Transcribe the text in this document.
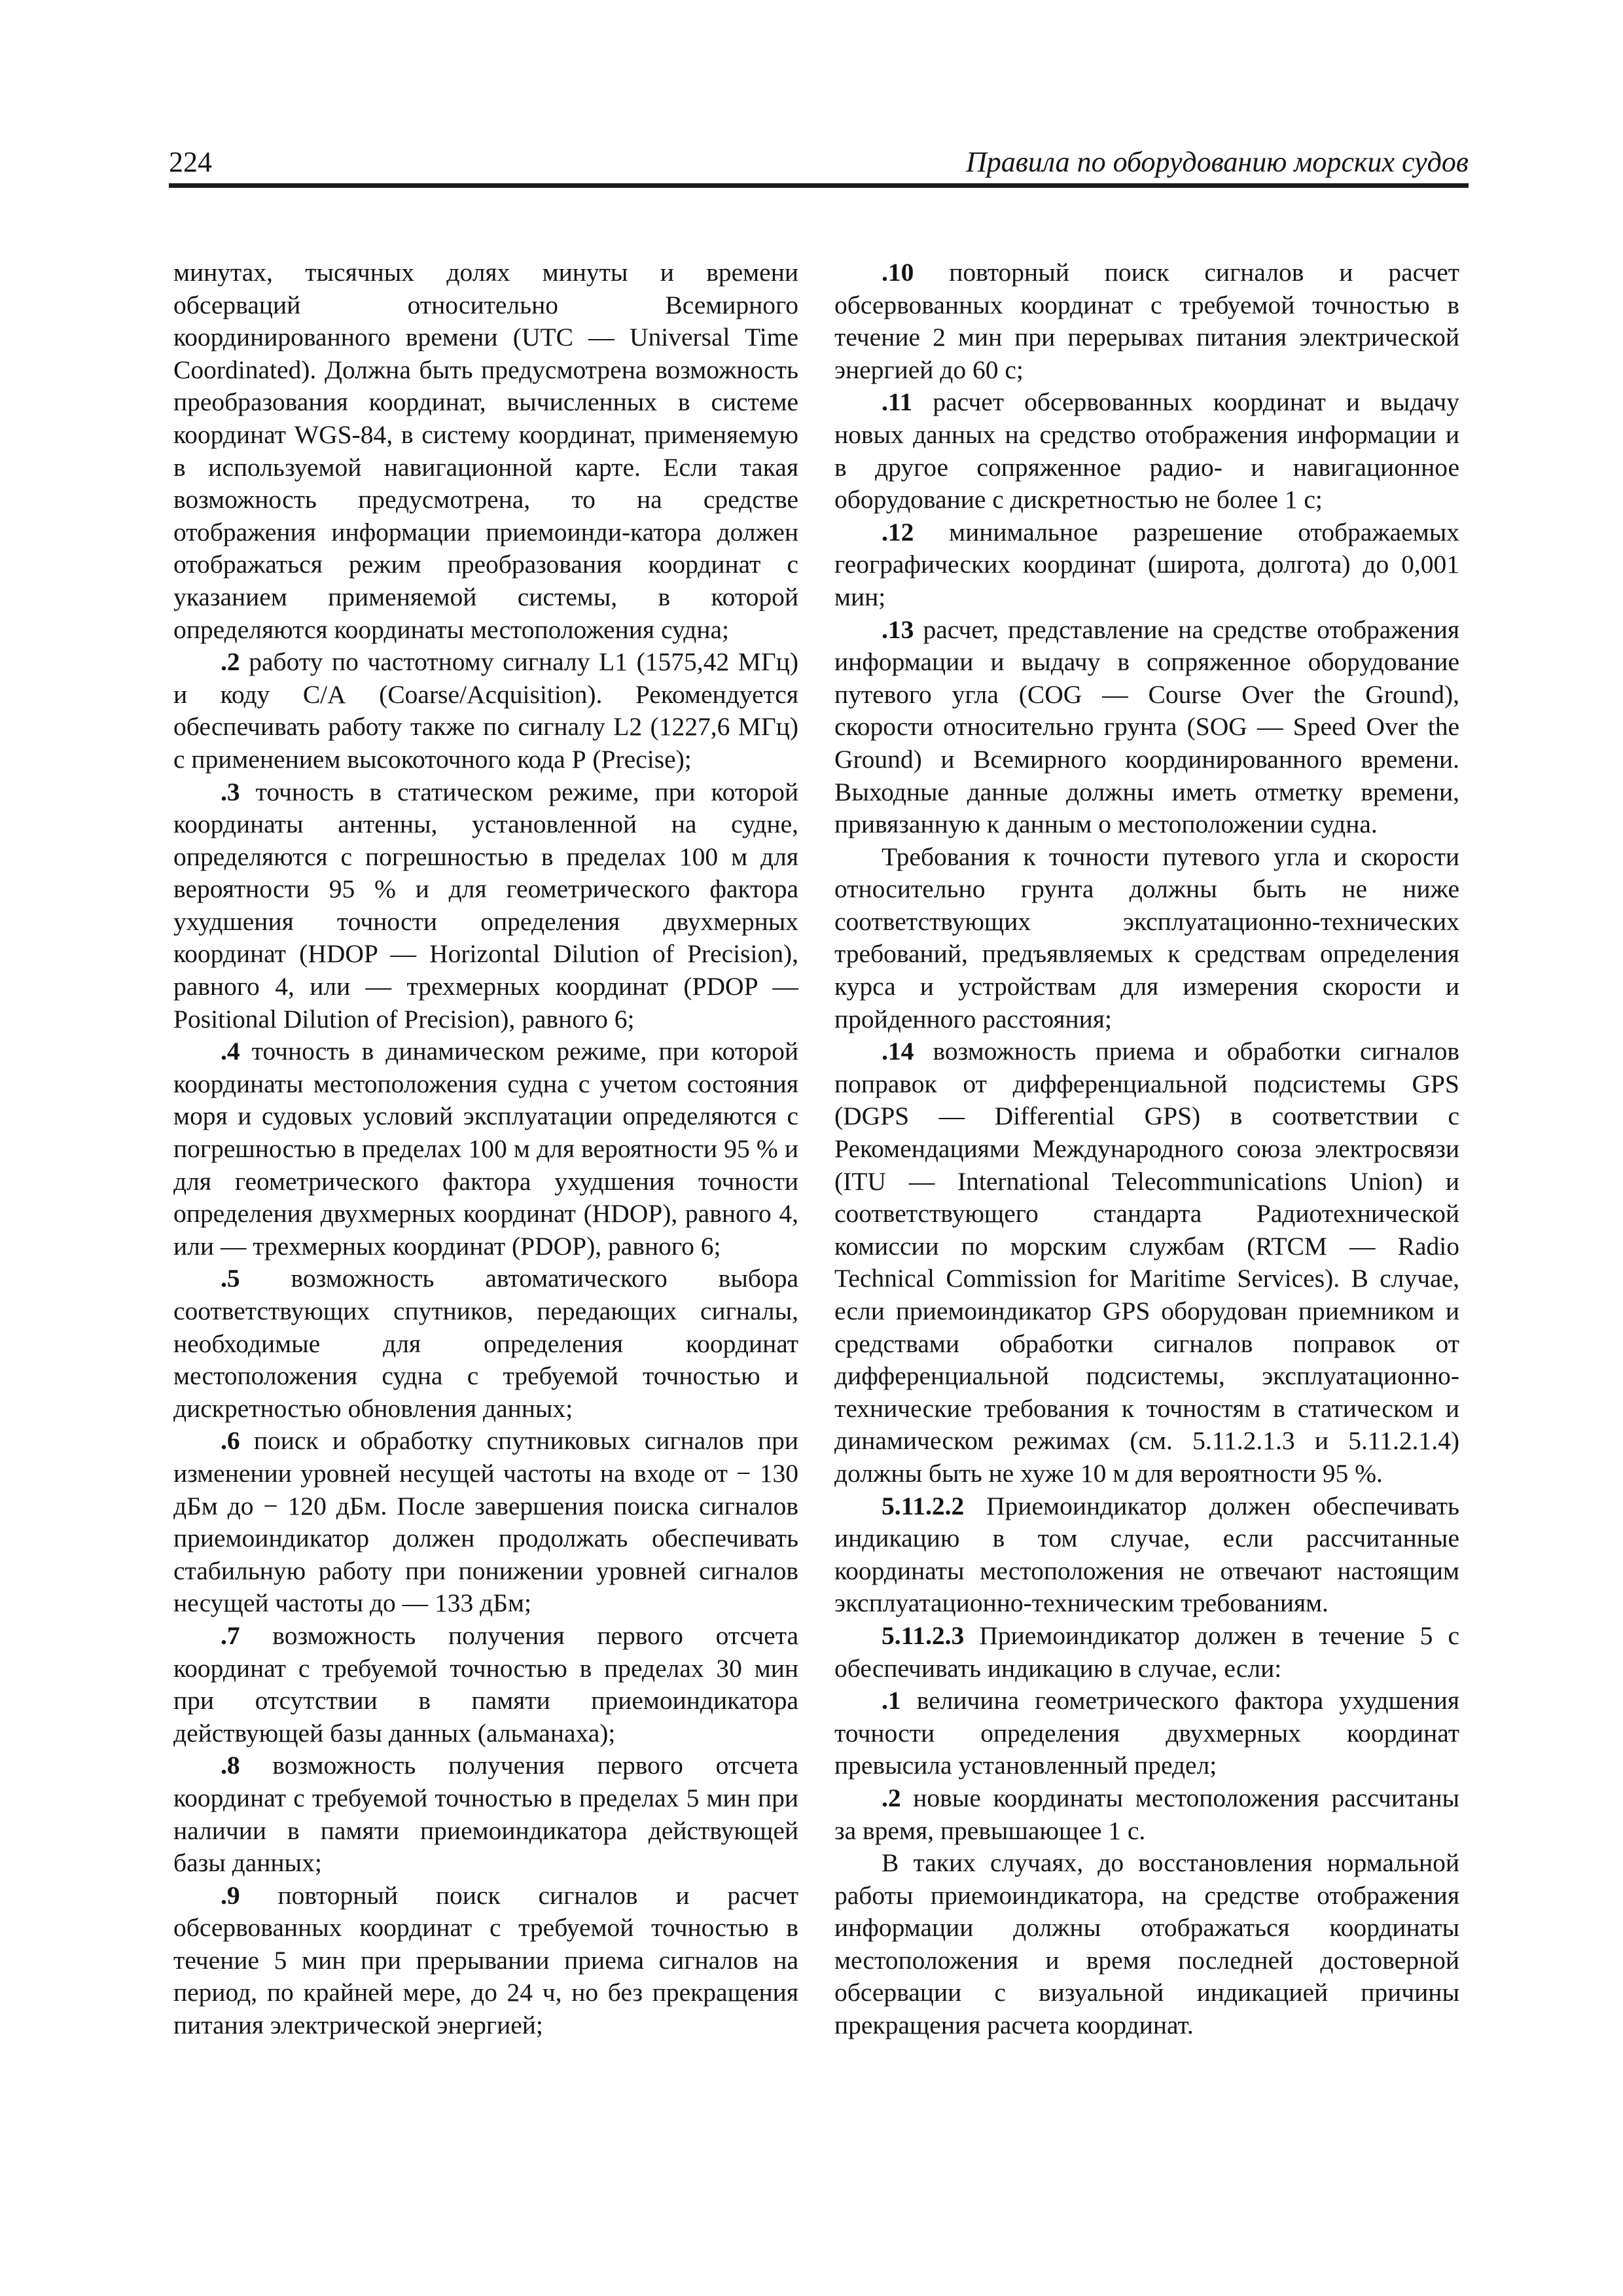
224	Правила по оборудованию морских судов

минутах, тысячных долях минуты и времени обсерваций относительно Всемирного координированного времени (UTC — Universal Time Coordinated). Должна быть предусмотрена возможность преобразования координат, вычисленных в системе координат WGS-84, в систему координат, применяемую в используемой навигационной карте. Если такая возможность предусмотрена, то на средстве отображения информации приемоинди-катора должен отображаться режим преобразования координат с указанием применяемой системы, в которой определяются координаты местоположения судна;

.2 работу по частотному сигналу L1 (1575,42 МГц) и коду С/А (Coarse/Acquisition). Рекомендуется обеспечивать работу также по сигналу L2 (1227,6 МГц) с применением высокоточного кода Р (Precise);

.3 точность в статическом режиме, при которой координаты антенны, установленной на судне, определяются с погрешностью в пределах 100 м для вероятности 95 % и для геометрического фактора ухудшения точности определения двухмерных координат (HDOP — Horizontal Dilution of Precision), равного 4, или — трехмерных координат (PDOP — Positional Dilution of Precision), равного 6;

.4 точность в динамическом режиме, при которой координаты местоположения судна с учетом состояния моря и судовых условий эксплуатации определяются с погрешностью в пределах 100 м для вероятности 95 % и для геометрического фактора ухудшения точности определения двухмерных координат (HDOP), равного 4, или — трехмерных координат (PDOP), равного 6;

.5 возможность автоматического выбора соответствующих спутников, передающих сигналы, необходимые для определения координат местоположения судна с требуемой точностью и дискретностью обновления данных;

.6 поиск и обработку спутниковых сигналов при изменении уровней несущей частоты на входе от − 130 дБм до − 120 дБм. После завершения поиска сигналов приемоиндикатор должен продолжать обеспечивать стабильную работу при понижении уровней сигналов несущей частоты до — 133 дБм;

.7 возможность получения первого отсчета координат с требуемой точностью в пределах 30 мин при отсутствии в памяти приемоиндикатора действующей базы данных (альманаха);

.8 возможность получения первого отсчета координат с требуемой точностью в пределах 5 мин при наличии в памяти приемоиндикатора действующей базы данных;

.9 повторный поиск сигналов и расчет обсервованных координат с требуемой точностью в течение 5 мин при прерывании приема сигналов на период, по крайней мере, до 24 ч, но без прекращения питания электрической энергией;

.10 повторный поиск сигналов и расчет обсервованных координат с требуемой точностью в течение 2 мин при перерывах питания электрической энергией до 60 с;

.11 расчет обсервованных координат и выдачу новых данных на средство отображения информации и в другое сопряженное радио- и навигационное оборудование с дискретностью не более 1 с;

.12 минимальное разрешение отображаемых географических координат (широта, долгота) до 0,001 мин;

.13 расчет, представление на средстве отображения информации и выдачу в сопряженное оборудование путевого угла (COG — Course Over the Ground), скорости относительно грунта (SOG — Speed Over the Ground) и Всемирного координированного времени. Выходные данные должны иметь отметку времени, привязанную к данным о местоположении судна.

Требования к точности путевого угла и скорости относительно грунта должны быть не ниже соответствующих эксплуатационно-технических требований, предъявляемых к средствам определения курса и устройствам для измерения скорости и пройденного расстояния;

.14 возможность приема и обработки сигналов поправок от дифференциальной подсистемы GPS (DGPS — Differential GPS) в соответствии с Рекомендациями Международного союза электросвязи (ITU — International Telecommunications Union) и соответствующего стандарта Радиотехнической комиссии по морским службам (RTCM — Radio Technical Commission for Maritime Services). В случае, если приемоиндикатор GPS оборудован приемником и средствами обработки сигналов поправок от дифференциальной подсистемы, эксплуатационно-технические требования к точностям в статическом и динамическом режимах (см. 5.11.2.1.3 и 5.11.2.1.4) должны быть не хуже 10 м для вероятности 95 %.

5.11.2.2 Приемоиндикатор должен обеспечивать индикацию в том случае, если рассчитанные координаты местоположения не отвечают настоящим эксплуатационно-техническим требованиям.

5.11.2.3 Приемоиндикатор должен в течение 5 с обеспечивать индикацию в случае, если:

.1 величина геометрического фактора ухудшения точности определения двухмерных координат превысила установленный предел;

.2 новые координаты местоположения рассчитаны за время, превышающее 1 с.

В таких случаях, до восстановления нормальной работы приемоиндикатора, на средстве отображения информации должны отображаться координаты местоположения и время последней достоверной обсервации с визуальной индикацией причины прекращения расчета координат.
